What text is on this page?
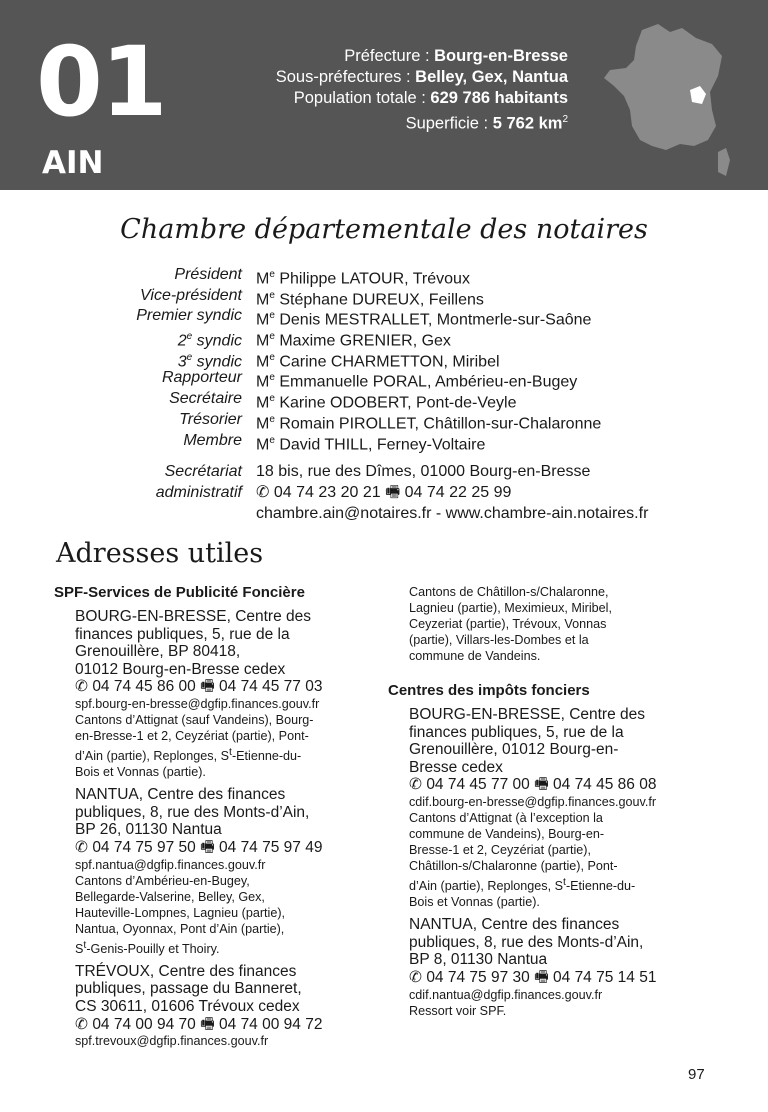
01
AIN
Préfecture : Bourg-en-Bresse
Sous-préfectures : Belley, Gex, Nantua
Population totale : 629 786 habitants
Superficie : 5 762 $km^2$
Chambre départementale des notaires
Président Me Philippe LATOUR, Trévoux
Vice-président Me Stéphane DUREUX, Feillens
Premier syndic Me Denis MESTRALLET, Montmerle-sur-Saône
2e syndic Me Maxime GRENIER, Gex
3e syndic Me Carine CHARMETTON, Miribel
Rapporteur Me Emmanuelle PORAL, Ambérieu-en-Bugey
Secrétaire Me Karine ODOBERT, Pont-de-Veyle
Trésorier Me Romain PIROLLET, Châtillon-sur-Chalaronne
Membre Me David THILL, Ferney-Voltaire
Secrétariat 18 bis, rue des Dîmes, 01000 Bourg-en-Bresse
administratif ✆ 04 74 23 20 21 🖷 04 74 22 25 99
chambre.ain@notaires.fr - www.chambre-ain.notaires.fr
Adresses utiles
SPF-Services de Publicité Foncière
BOURG-EN-BRESSE, Centre des
finances publiques, 5, rue de la
Grenouillère, BP 80418,
01012 Bourg-en-Bresse cedex
✆ 04 74 45 86 00 🖷 04 74 45 77 03
spf.bourg-en-bresse@dgfip.finances.gouv.fr
Cantons d’Attignat (sauf Vandeins), Bourg-
en-Bresse-1 et 2, Ceyzériat (partie), Pont-
d’Ain (partie), Replonges, $S^t-Etienne-du-$
Bois et Vonnas (partie).
NANTUA, Centre des finances
publiques, 8, rue des Monts-d’Ain,
BP 26, 01130 Nantua
✆ 04 74 75 97 50 🖷 04 74 75 97 49
spf.nantua@dgfip.finances.gouv.fr
Cantons d’Ambérieu-en-Bugey,
Bellegarde-Valserine, Belley, Gex,
Hauteville-Lompnes, Lagnieu (partie),
Nantua, Oyonnax, Pont d’Ain (partie),
$S^t-Genis$-Pouilly et Thoiry.
TRÉVOUX, Centre des finances
publiques, passage du Banneret,
CS 30611, 01606 Trévoux cedex
✆ 04 74 00 94 70 🖷 04 74 00 94 72
spf.trevoux@dgfip.finances.gouv.fr
Cantons de Châtillon-s/Chalaronne,
Lagnieu (partie), Meximieux, Miribel,
Ceyzeriat (partie), Trévoux, Vonnas
(partie), Villars-les-Dombes et la
commune de Vandeins.
Centres des impôts fonciers
BOURG-EN-BRESSE, Centre des
finances publiques, 5, rue de la
Grenouillère, 01012 Bourg-en-
Bresse cedex
✆ 04 74 45 77 00 🖷 04 74 45 86 08
cdif.bourg-en-bresse@dgfip.finances.gouv.fr
Cantons d’Attignat (à l’exception la
commune de Vandeins), Bourg-en-
Bresse-1 et 2, Ceyzériat (partie),
Châtillon-s/Chalaronne (partie), Pont-
d’Ain (partie), Replonges, $S^t-Etienne-du-$
Bois et Vonnas (partie).
NANTUA, Centre des finances
publiques, 8, rue des Monts-d’Ain,
BP 8, 01130 Nantua
✆ 04 74 75 97 30 🖷 04 74 75 14 51
cdif.nantua@dgfip.finances.gouv.fr
Ressort voir SPF.
97
